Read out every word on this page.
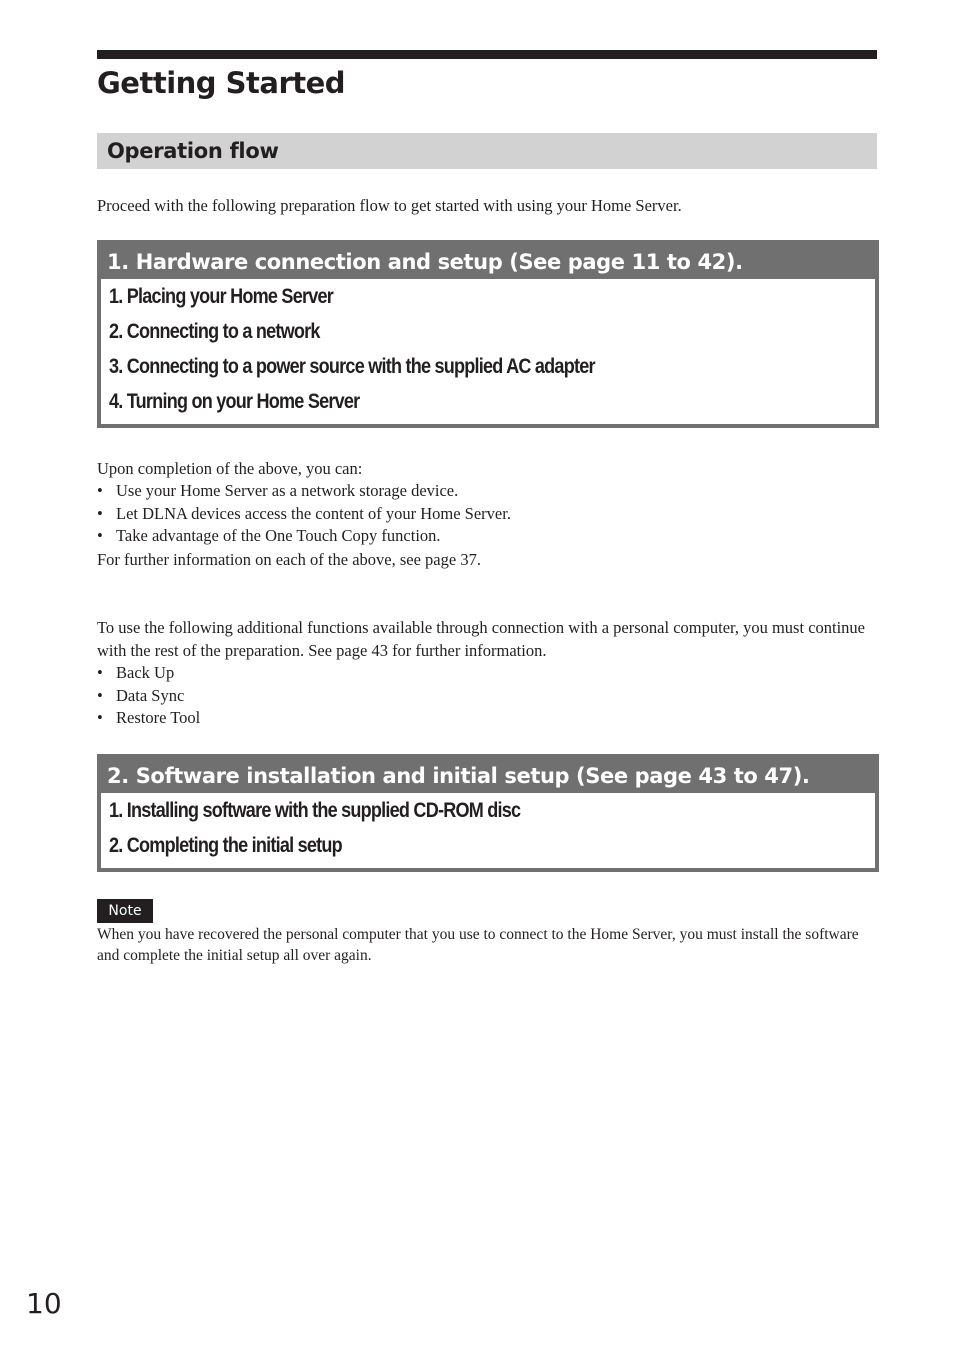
Getting Started
Operation flow

Proceed with the following preparation flow to get started with using your Home Server.

1. Hardware connection and setup (See page 11 to 42).
1. Placing your Home Server
2. Connecting to a network
3. Connecting to a power source with the supplied AC adapter
4. Turning on your Home Server

Upon completion of the above, you can:

• Use your Home Server as a network storage device.
• Let DLNA devices access the content of your Home Server.
• Take advantage of the One Touch Copy function.

For further information on each of the above, see page 37.

To use the following additional functions available through connection with a personal computer, you must continue with the rest of the preparation. See page 43 for further information.

• Back Up
• Data Sync
• Restore Tool
2. Software installation and initial setup (See page 43 to 47).
1. Installing software with the supplied CD-ROM disc
2. Completing the initial setup
Note

When you have recovered the personal computer that you use to connect to the Home Server, you must install the software and complete the initial setup all over again.

10
